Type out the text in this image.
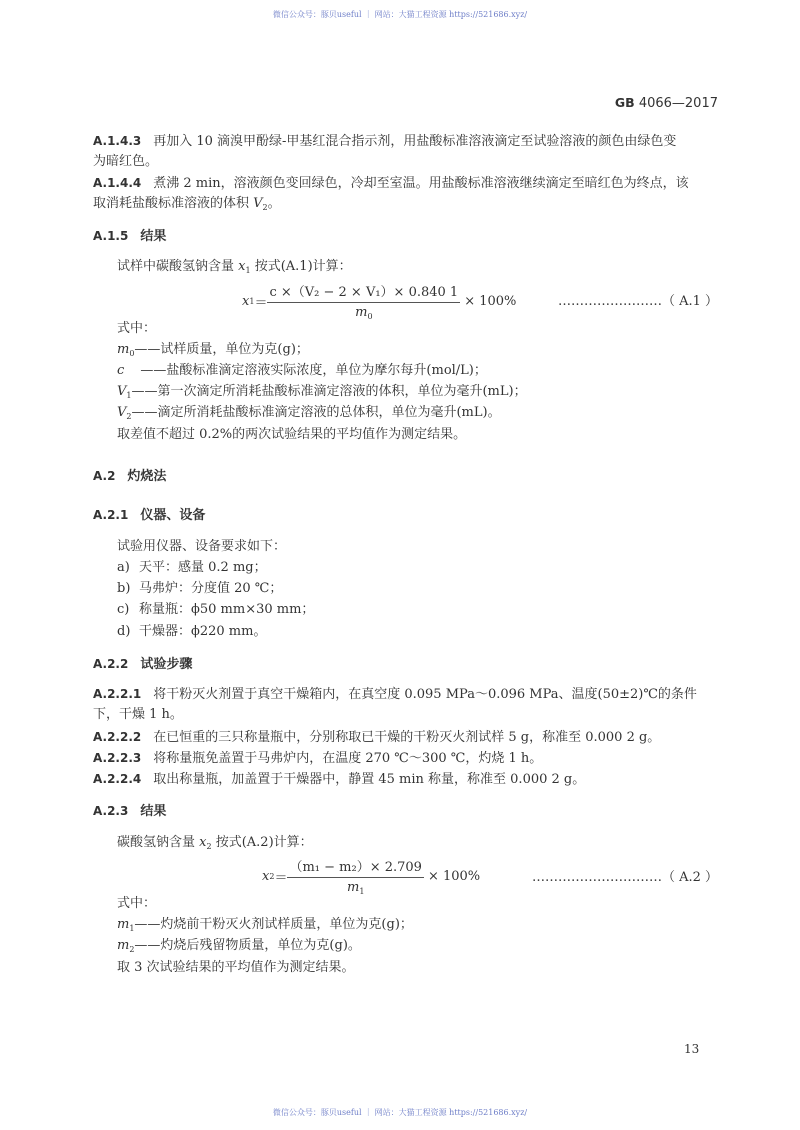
微信公众号：豚贝useful ｜ 网站：大猫工程资源 https://521686.xyz/
GB 4066—2017
A.1.4.3 再加入 10 滴溴甲酚绿-甲基红混合指示剂，用盐酸标准溶液滴定至试验溶液的颜色由绿色变
为暗红色。
A.1.4.4 煮沸 2 min，溶液颜色变回绿色，冷却至室温。用盐酸标准溶液继续滴定至暗红色为终点，该
取消耗盐酸标准溶液的体积 $V_2$。
A.1.5 结果
试样中碳酸氢钠含量 $x_1$ 按式(A.1)计算：
x $1 = \frac{\text{c ×（V₂ − 2 × V₁）× 0.840 1}}{m_0} \times 100\%$	……………………（ A.1 ）
式中：
$m_0——$试样质量，单位为克(g)；
c ——盐酸标准滴定溶液实际浓度，单位为摩尔每升(mol/L)；
$V_1——$第一次滴定所消耗盐酸标准滴定溶液的体积，单位为毫升(mL)；
$V_2——$滴定所消耗盐酸标准滴定溶液的总体积，单位为毫升(mL)。
取差值不超过 0.2%的两次试验结果的平均值作为测定结果。
A.2 灼烧法
A.2.1 仪器、设备
试验用仪器、设备要求如下：
a) 天平：感量 0.2 mg；
b) 马弗炉：分度值 20 ℃；
c) 称量瓶：ϕ50 mm×30 mm；
d) 干燥器：ϕ220 mm。
A.2.2 试验步骤
A.2.2.1 将干粉灭火剂置于真空干燥箱内，在真空度 0.095 MPa～0.096 MPa、温度(50±2)℃的条件
下，干燥 1 h。
A.2.2.2 在已恒重的三只称量瓶中，分别称取已干燥的干粉灭火剂试样 5 g，称准至 0.000 2 g。
A.2.2.3 将称量瓶免盖置于马弗炉内，在温度 270 ℃～300 ℃，灼烧 1 h。
A.2.2.4 取出称量瓶，加盖置于干燥器中，静置 45 min 称量，称准至 0.000 2 g。
A.2.3 结果
碳酸氢钠含量 $x_2$ 按式(A.2)计算：
x $2 = \frac{\text{（m₁ − m₂）× 2.709}}{m_1} \times 100\%$	…………………………（ A.2 ）
式中：
$m_1——$灼烧前干粉灭火剂试样质量，单位为克(g)；
$m_2——$灼烧后残留物质量，单位为克(g)。
取 3 次试验结果的平均值作为测定结果。
13
微信公众号：豚贝useful ｜ 网站：大猫工程资源 https://521686.xyz/
